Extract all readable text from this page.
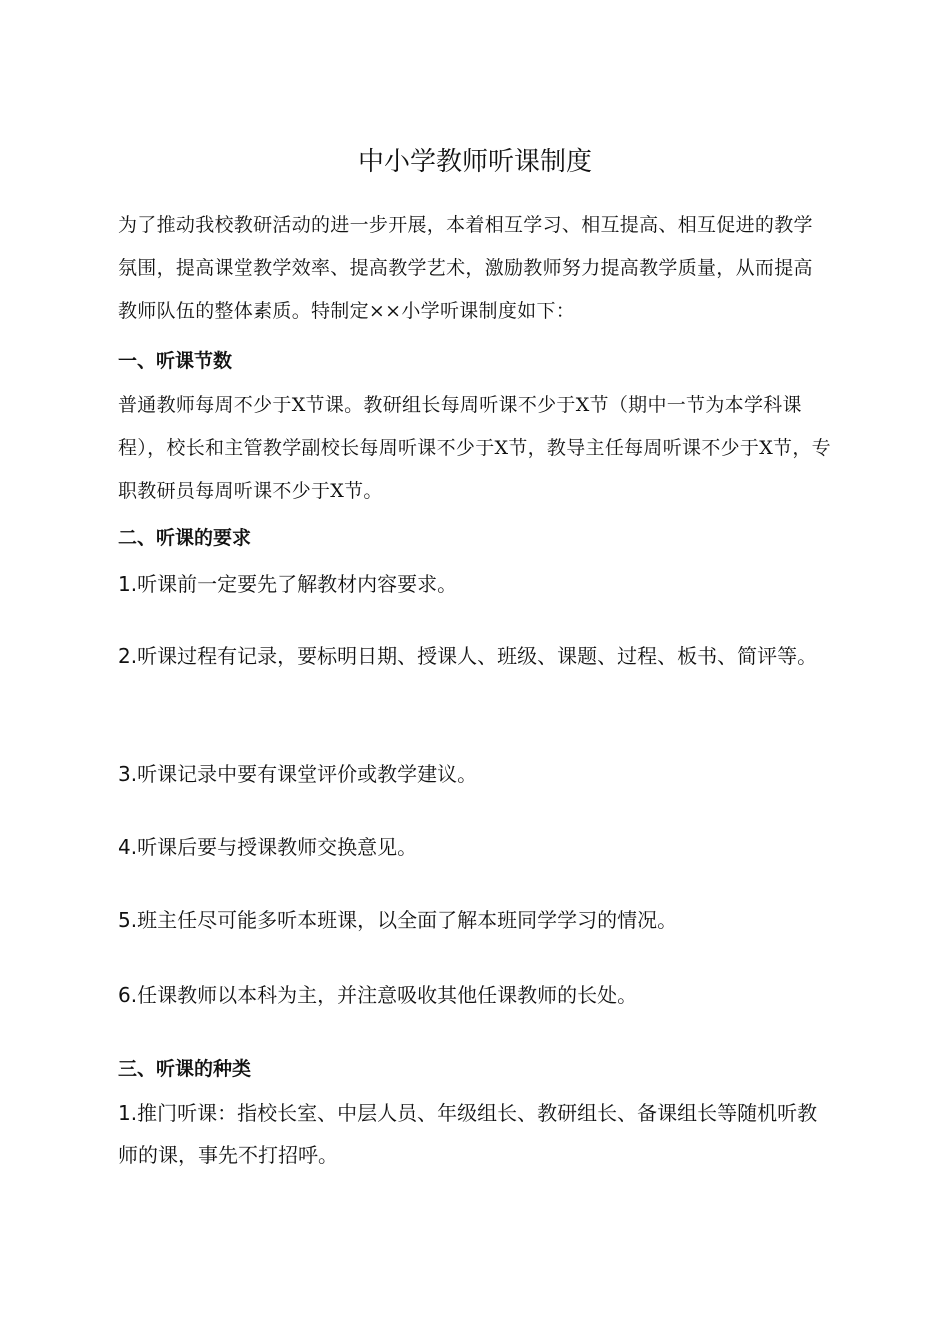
中小学教师听课制度

为了推动我校教研活动的进一步开展，本着相互学习、相互提高、相互促进的教学氛围，提高课堂教学效率、提高教学艺术，激励教师努力提高教学质量，从而提高教师队伍的整体素质。特制定××小学听课制度如下：

一、听课节数

普通教师每周不少于X节课。教研组长每周听课不少于X节（期中一节为本学科课程），校长和主管教学副校长每周听课不少于X节，教导主任每周听课不少于X节，专职教研员每周听课不少于X节。

二、听课的要求

1.听课前一定要先了解教材内容要求。

2.听课过程有记录，要标明日期、授课人、班级、课题、过程、板书、简评等。

3.听课记录中要有课堂评价或教学建议。

4.听课后要与授课教师交换意见。

5.班主任尽可能多听本班课，以全面了解本班同学学习的情况。

6.任课教师以本科为主，并注意吸收其他任课教师的长处。

三、听课的种类

1.推门听课：指校长室、中层人员、年级组长、教研组长、备课组长等随机听教师的课，事先不打招呼。
